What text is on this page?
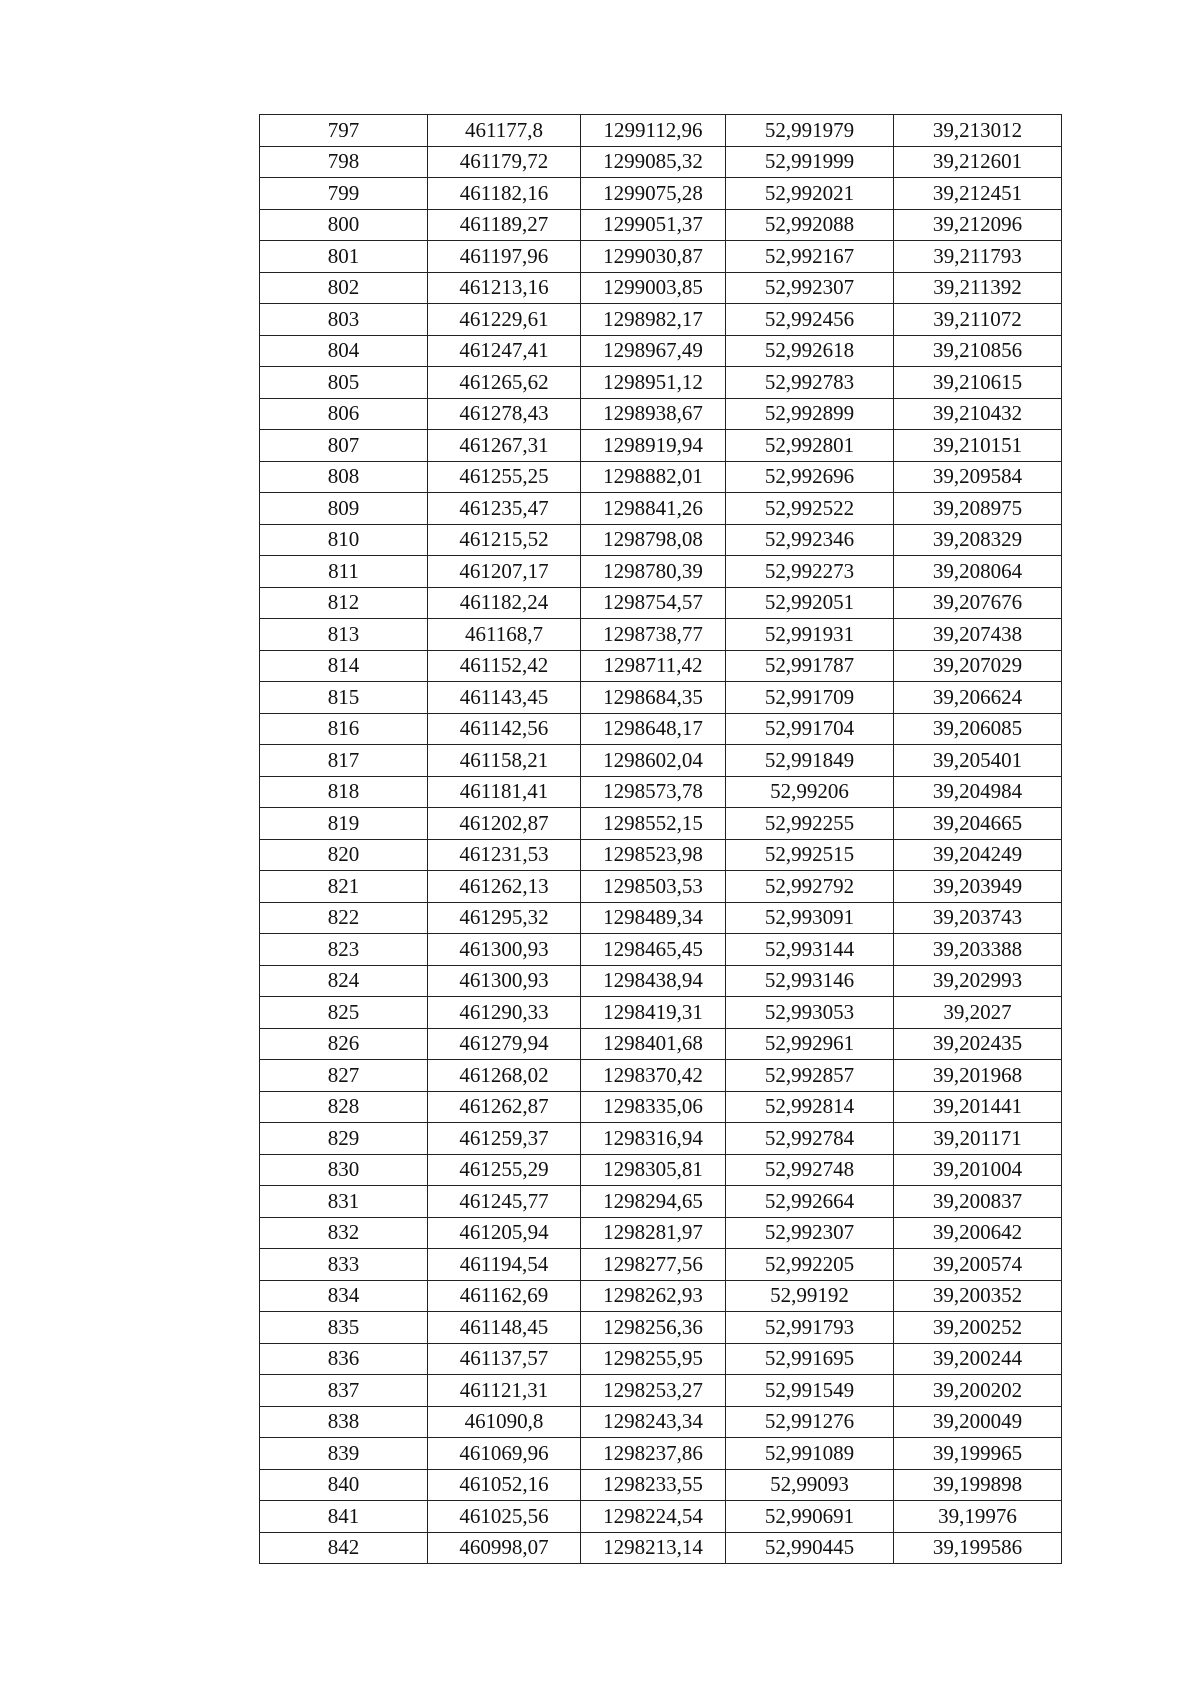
797	461177,8	1299112,96	52,991979	39,213012
798	461179,72	1299085,32	52,991999	39,212601
799	461182,16	1299075,28	52,992021	39,212451
800	461189,27	1299051,37	52,992088	39,212096
801	461197,96	1299030,87	52,992167	39,211793
802	461213,16	1299003,85	52,992307	39,211392
803	461229,61	1298982,17	52,992456	39,211072
804	461247,41	1298967,49	52,992618	39,210856
805	461265,62	1298951,12	52,992783	39,210615
806	461278,43	1298938,67	52,992899	39,210432
807	461267,31	1298919,94	52,992801	39,210151
808	461255,25	1298882,01	52,992696	39,209584
809	461235,47	1298841,26	52,992522	39,208975
810	461215,52	1298798,08	52,992346	39,208329
811	461207,17	1298780,39	52,992273	39,208064
812	461182,24	1298754,57	52,992051	39,207676
813	461168,7	1298738,77	52,991931	39,207438
814	461152,42	1298711,42	52,991787	39,207029
815	461143,45	1298684,35	52,991709	39,206624
816	461142,56	1298648,17	52,991704	39,206085
817	461158,21	1298602,04	52,991849	39,205401
818	461181,41	1298573,78	52,99206	39,204984
819	461202,87	1298552,15	52,992255	39,204665
820	461231,53	1298523,98	52,992515	39,204249
821	461262,13	1298503,53	52,992792	39,203949
822	461295,32	1298489,34	52,993091	39,203743
823	461300,93	1298465,45	52,993144	39,203388
824	461300,93	1298438,94	52,993146	39,202993
825	461290,33	1298419,31	52,993053	39,2027
826	461279,94	1298401,68	52,992961	39,202435
827	461268,02	1298370,42	52,992857	39,201968
828	461262,87	1298335,06	52,992814	39,201441
829	461259,37	1298316,94	52,992784	39,201171
830	461255,29	1298305,81	52,992748	39,201004
831	461245,77	1298294,65	52,992664	39,200837
832	461205,94	1298281,97	52,992307	39,200642
833	461194,54	1298277,56	52,992205	39,200574
834	461162,69	1298262,93	52,99192	39,200352
835	461148,45	1298256,36	52,991793	39,200252
836	461137,57	1298255,95	52,991695	39,200244
837	461121,31	1298253,27	52,991549	39,200202
838	461090,8	1298243,34	52,991276	39,200049
839	461069,96	1298237,86	52,991089	39,199965
840	461052,16	1298233,55	52,99093	39,199898
841	461025,56	1298224,54	52,990691	39,19976
842	460998,07	1298213,14	52,990445	39,199586
